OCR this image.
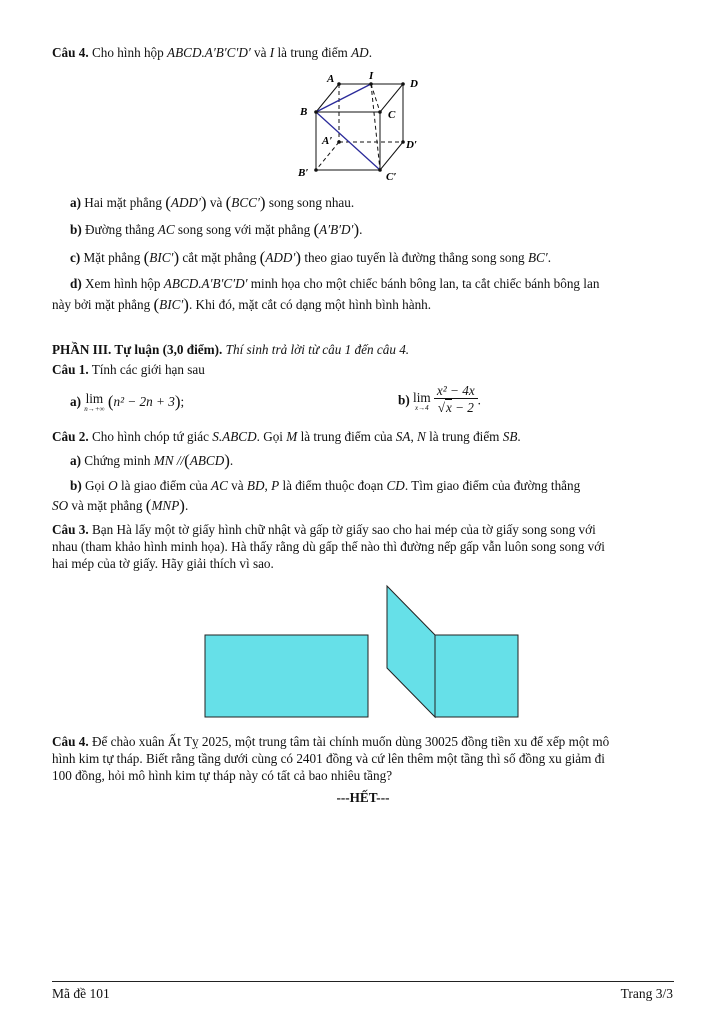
Câu 4. Cho hình hộp ABCD.A′B′C′D′ và I là trung điểm AD.
A	I
D
B	C
A′	D′
B′	C′
a) Hai mặt phẳng (ADD′) và (BCC′) song song nhau.
b) Đường thẳng AC song song với mặt phẳng (A′B′D′).
c) Mặt phẳng (BIC′) cắt mặt phẳng (ADD′) theo giao tuyến là đường thẳng song song BC′.
d) Xem hình hộp ABCD.A′B′C′D′ minh họa cho một chiếc bánh bông lan, ta cắt chiếc bánh bông lan
này bởi mặt phẳng (BIC′). Khi đó, mặt cắt có dạng một hình bình hành.
PHẦN III. Tự luận (3,0 điểm). Thí sinh trả lời từ câu 1 đến câu 4.
Câu 1. Tính các giới hạn sau
a) lim
n→+∞ (n² − 2n + 3);	b) lim
x→4
$\frac{\text{x² − 4x}}{√x - 2}$ .
Câu 2. Cho hình chóp tứ giác S.ABCD. Gọi M là trung điểm của SA, N là trung điểm SB.
a) Chứng minh MN //(ABCD).
b) Gọi O là giao điểm của AC và BD, P là điểm thuộc đoạn CD. Tìm giao điểm của đường thẳng
SO và mặt phẳng (MNP).
Câu 3. Bạn Hà lấy một tờ giấy hình chữ nhật và gấp tờ giấy sao cho hai mép của tờ giấy song song với
nhau (tham khảo hình minh họa). Hà thấy rằng dù gấp thế nào thì đường nếp gấp vẫn luôn song song với
hai mép của tờ giấy. Hãy giải thích vì sao.
Câu 4. Để chào xuân Ất Tỵ 2025, một trung tâm tài chính muốn dùng 30025 đồng tiền xu để xếp một mô
hình kim tự tháp. Biết rằng tầng dưới cùng có 2401 đồng và cứ lên thêm một tầng thì số đồng xu giảm đi
100 đồng, hỏi mô hình kim tự tháp này có tất cả bao nhiêu tầng?
---HẾT---
Mã đề 101	Trang 3/3
